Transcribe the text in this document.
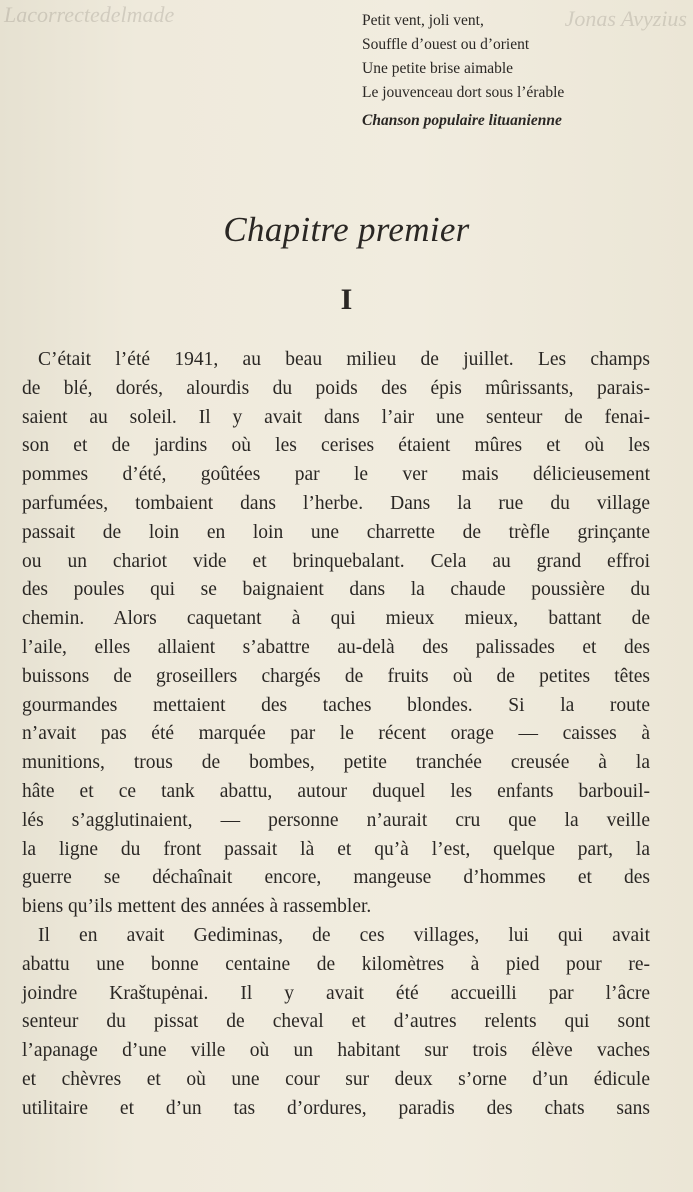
Lacorrectedelmade	Jonas Avyzius
Petit vent, joli vent,
Souffle d’ouest ou d’orient
Une petite brise aimable
Le jouvenceau dort sous l’érable
Chanson populaire lituanienne
Chapitre premier
I
C’était l’été 1941, au beau milieu de juillet. Les champs
de blé, dorés, alourdis du poids des épis mûrissants, parais-
saient au soleil. Il y avait dans l’air une senteur de fenai-
son et de jardins où les cerises étaient mûres et où les
pommes d’été, goûtées par le ver mais délicieusement
parfumées, tombaient dans l’herbe. Dans la rue du village
passait de loin en loin une charrette de trèfle grinçante
ou un chariot vide et brinquebalant. Cela au grand effroi
des poules qui se baignaient dans la chaude poussière du
chemin. Alors caquetant à qui mieux mieux, battant de
l’aile, elles allaient s’abattre au-delà des palissades et des
buissons de groseillers chargés de fruits où de petites têtes
gourmandes mettaient des taches blondes. Si la route
n’avait pas été marquée par le récent orage — caisses à
munitions, trous de bombes, petite tranchée creusée à la
hâte et ce tank abattu, autour duquel les enfants barbouil-
lés s’agglutinaient, — personne n’aurait cru que la veille
la ligne du front passait là et qu’à l’est, quelque part, la
guerre se déchaînait encore, mangeuse d’hommes et des
biens qu’ils mettent des années à rassembler.
Il en avait Gediminas, de ces villages, lui qui avait
abattu une bonne centaine de kilomètres à pied pour re-
joindre Kraštupėnai. Il y avait été accueilli par l’âcre
senteur du pissat de cheval et d’autres relents qui sont
l’apanage d’une ville où un habitant sur trois élève vaches
et chèvres et où une cour sur deux s’orne d’un édicule
utilitaire et d’un tas d’ordures, paradis des chats sans
